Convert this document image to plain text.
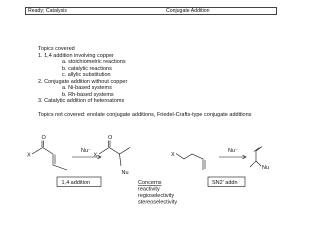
Ready; Catalysis	Conjugate Addition
Topics covered
1. 1,4 addition involving copper
a. stoichiometric reactions
b. catalytic reactions
c. allylic substitution
2. Conjugate addition without copper
a. Ni-based systems
b. Rh-based systems
3. Catalytic addition of heteroatoms
Topics not covered: enolate conjugate additions, Friedel-Crafts-type conjugate additions
O
X
Nu⁻
O
X
Nu
1,4 addition	Concerns
reactivity
regioselectivity
stereoselectivity
X
Nu⁻
Nu
SN2' addn
